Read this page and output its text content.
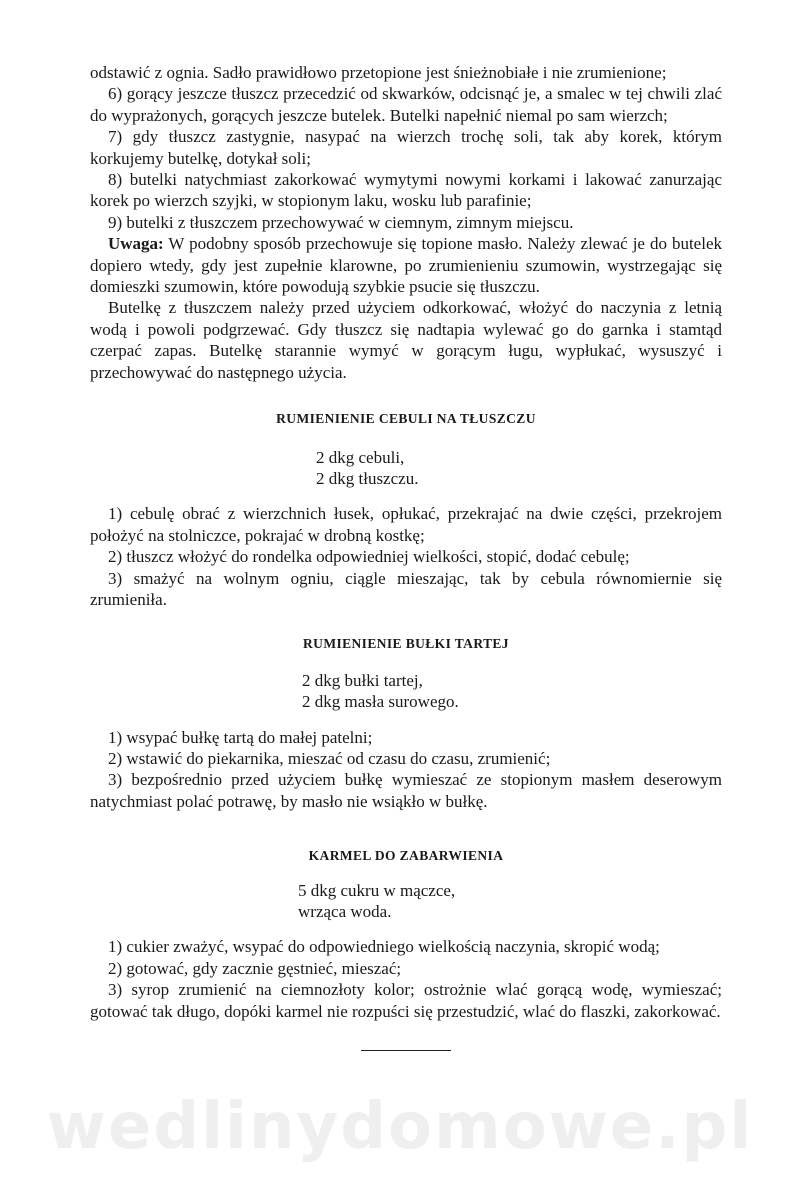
odstawić z ognia. Sadło prawidłowo przetopione jest śnieżnobiałe i nie zrumienione;

6) gorący jeszcze tłuszcz przecedzić od skwarków, odcisnąć je, a smalec w tej chwili zlać do wyprażonych, gorących jeszcze butelek. Butelki napełnić niemal po sam wierzch;

7) gdy tłuszcz zastygnie, nasypać na wierzch trochę soli, tak aby korek, którym korkujemy butelkę, dotykał soli;

8) butelki natychmiast zakorkować wymytymi nowymi korkami i lakować zanurzając korek po wierzch szyjki, w stopionym laku, wosku lub parafinie;

9) butelki z tłuszczem przechowywać w ciemnym, zimnym miejscu.

Uwaga: W podobny sposób przechowuje się topione masło. Należy zlewać je do butelek dopiero wtedy, gdy jest zupełnie klarowne, po zrumienieniu szumowin, wystrzegając się domieszki szumowin, które powodują szybkie psucie się tłuszczu.

Butelkę z tłuszczem należy przed użyciem odkorkować, włożyć do naczynia z letnią wodą i powoli podgrzewać. Gdy tłuszcz się nadtapia wylewać go do garnka i stamtąd czerpać zapas. Butelkę starannie wymyć w gorącym ługu, wypłukać, wysuszyć i przechowywać do następnego użycia.

RUMIENIENIE CEBULI NA TŁUSZCZU
2 dkg cebuli,
2 dkg tłuszczu.

1) cebulę obrać z wierzchnich łusek, opłukać, przekrajać na dwie części, przekrojem położyć na stolniczce, pokrajać w drobną kostkę;

2) tłuszcz włożyć do rondelka odpowiedniej wielkości, stopić, dodać cebulę;

3) smażyć na wolnym ogniu, ciągle mieszając, tak by cebula równomiernie się zrumieniła.

RUMIENIENIE BUŁKI TARTEJ
2 dkg bułki tartej,
2 dkg masła surowego.

1) wsypać bułkę tartą do małej patelni;

2) wstawić do piekarnika, mieszać od czasu do czasu, zrumienić;

3) bezpośrednio przed użyciem bułkę wymieszać ze stopionym masłem deserowym natychmiast polać potrawę, by masło nie wsiąkło w bułkę.

KARMEL DO ZABARWIENIA
5 dkg cukru w mączce,
wrząca woda.

1) cukier zważyć, wsypać do odpowiedniego wielkością naczynia, skropić wodą;

2) gotować, gdy zacznie gęstnieć, mieszać;

3) syrop zrumienić na ciemnozłoty kolor; ostrożnie wlać gorącą wodę, wymieszać; gotować tak długo, dopóki karmel nie rozpuści się przestudzić, wlać do flaszki, zakorkować.

wedlinydomowe.pl
